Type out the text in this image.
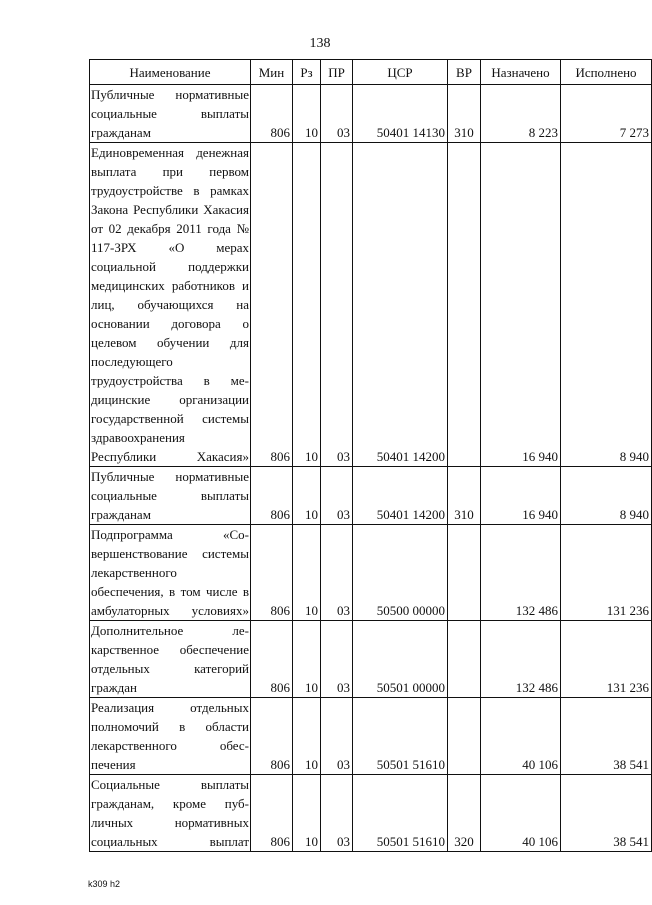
138
Наименование	Мин	Рз	ПР	ЦСР	ВР	Назначено	Исполнено
Публичные нормативные социальные выплаты гражданам	806	10	03	50401 14130	310	8 223	7 273
Единовременная денежная выплата при первом трудоустройстве в рамках Закона Республики Хакасия от 02 декабря 2011 года № 117-ЗРХ «О мерах социальной поддержки медицинских работников и лиц, обучающихся на основании договора о целевом обучении для последующего трудоустройства в медицинские организации государственной системы здравоохранения Республики Хакасия»	806	10	03	50401 14200		16 940	8 940
Публичные нормативные социальные выплаты гражданам	806	10	03	50401 14200	310	16 940	8 940
Подпрограмма «Совершенствование системы лекарственного обеспечения, в том числе в амбулаторных условиях»	806	10	03	50500 00000		132 486	131 236
Дополнительное лекарственное обеспечение отдельных категорий граждан	806	10	03	50501 00000		132 486	131 236
Реализация отдельных полномочий в области лекарственного обеспечения	806	10	03	50501 51610		40 106	38 541
Социальные выплаты гражданам, кроме публичных нормативных социальных выплат	806	10	03	50501 51610	320	40 106	38 541
k309 h2
